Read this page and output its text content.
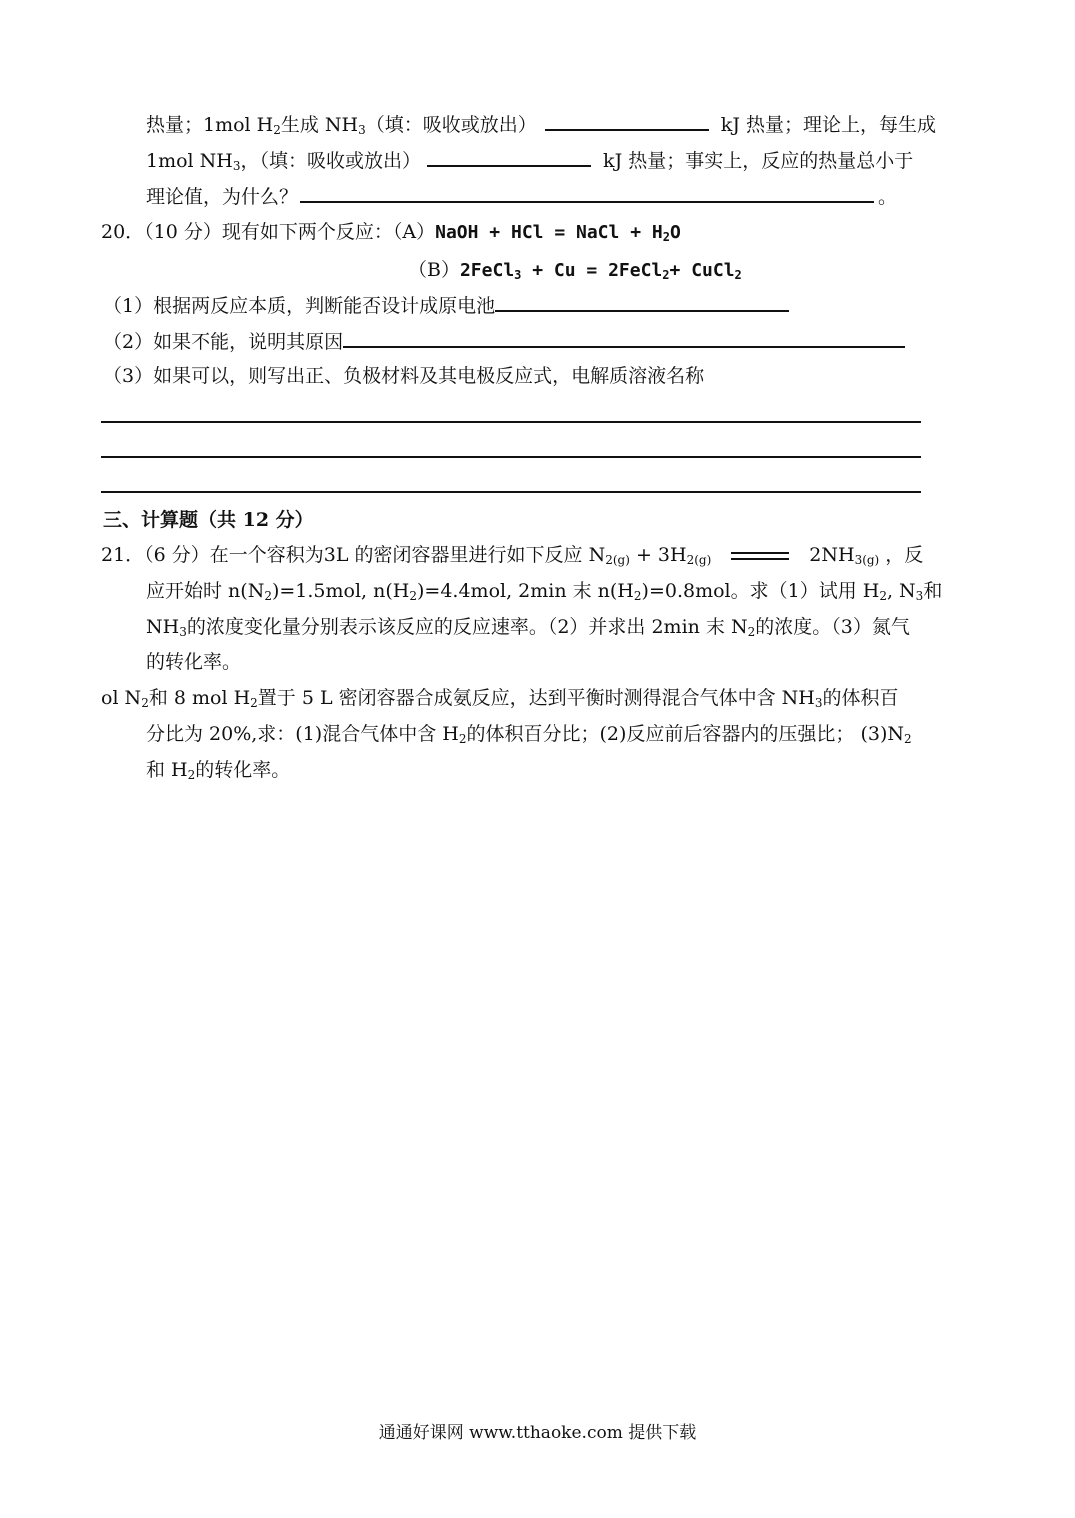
热量；1mol $H_2$生成 $NH_3$（填：吸收或放出）	kJ 热量；理论上，每生成
1mol $NH_3$，（填：吸收或放出）	kJ 热量；事实上，反应的热量总小于
理论值，为什么？	。
20．（10 分）现有如下两个反应：（A）NaOH + HCl = NaCl + $H_2O$
（B）2FeCl$_3$ + Cu = 2FeCl$_2$+ CuCl$_2$
（1）根据两反应本质，判断能否设计成原电池
（2）如果不能，说明其原因
（3）如果可以，则写出正、负极材料及其电极反应式，电解质溶液名称
三、计算题（共 12 分）
21．（6 分）在一个容积为3L 的密闭容器里进行如下反应 $N_{2(g)} + 3H_{2(g)}$	$2NH_{3(g)}$ ，反
应开始时 $n(N_2)=1.5mol$, $n(H_2)=4.4mol$, 2min 末 $n(H_2)=0.8mol$。求（1）试用 $H_2$, $N_3$和
$NH_3$的浓度变化量分别表示该反应的反应速率。（2）并求出 2min 末 $N_2$的浓度。（3）氮气
的转化率。
ol $N_2$和 8 mol $H_2$置于 5 L 密闭容器合成氨反应，达到平衡时测得混合气体中含 $NH_3$的体积百
分比为 20%,求：(1)混合气体中含 $H_2$的体积百分比；(2)反应前后容器内的压强比； $(3)N_2$
和 $H_2$的转化率。
通通好课网 www.tthaoke.com 提供下载
